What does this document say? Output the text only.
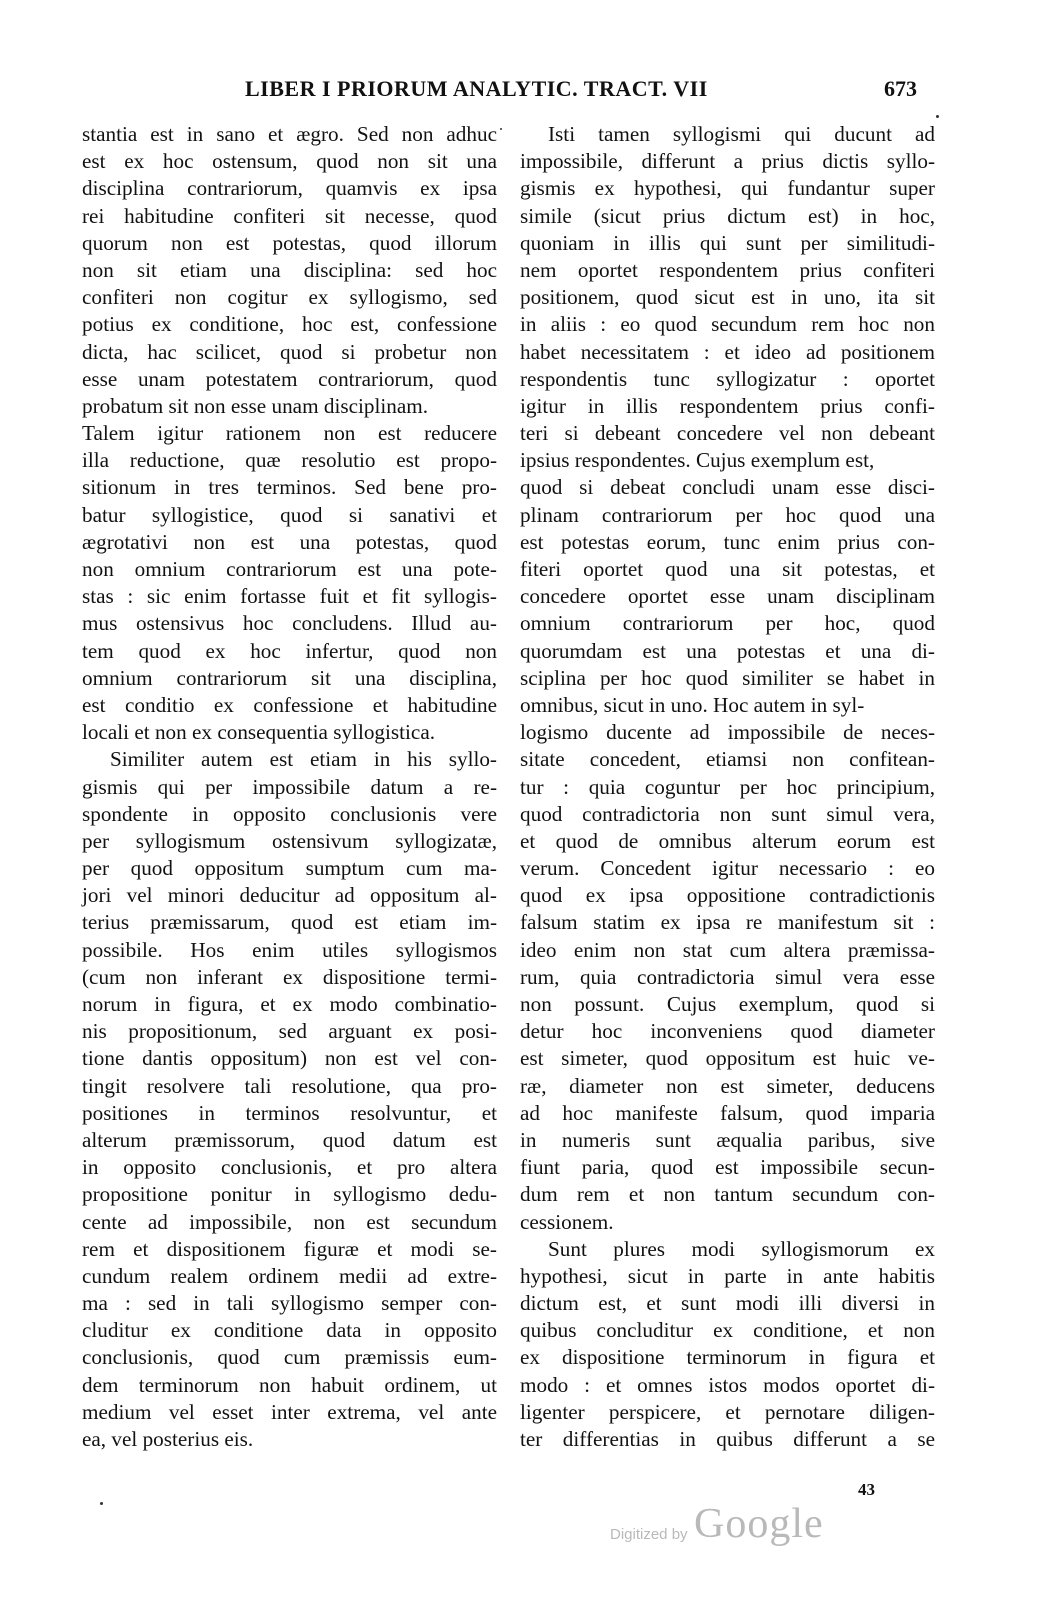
LIBER I PRIORUM ANALYTIC. TRACT. VII	673
stantia est in sano et ægro. Sed non adhuc
est ex hoc ostensum, quod non sit una
disciplina contrariorum, quamvis ex ipsa
rei habitudine confiteri sit necesse, quod
quorum non est potestas, quod illorum
non sit etiam una disciplina: sed hoc
confiteri non cogitur ex syllogismo, sed
potius ex conditione, hoc est, confessione
dicta, hac scilicet, quod si probetur non
esse unam potestatem contrariorum, quod
probatum sit non esse unam disciplinam.
Talem igitur rationem non est reducere
illa reductione, quæ resolutio est propo-
sitionum in tres terminos. Sed bene pro-
batur syllogistice, quod si sanativi et
ægrotativi non est una potestas, quod
non omnium contrariorum est una pote-
stas : sic enim fortasse fuit et fit syllogis-
mus ostensivus hoc concludens. Illud au-
tem quod ex hoc infertur, quod non
omnium contrariorum sit una disciplina,
est conditio ex confessione et habitudine
locali et non ex consequentia syllogistica.
Similiter autem est etiam in his syllo-
gismis qui per impossibile datum a re-
spondente in opposito conclusionis vere
per syllogismum ostensivum syllogizatæ,
per quod oppositum sumptum cum ma-
jori vel minori deducitur ad oppositum al-
terius præmissarum, quod est etiam im-
possibile. Hos enim utiles syllogismos
(cum non inferant ex dispositione termi-
norum in figura, et ex modo combinatio-
nis propositionum, sed arguant ex posi-
tione dantis oppositum) non est vel con-
tingit resolvere tali resolutione, qua pro-
positiones in terminos resolvuntur, et
alterum præmissorum, quod datum est
in opposito conclusionis, et pro altera
propositione ponitur in syllogismo dedu-
cente ad impossibile, non est secundum
rem et dispositionem figuræ et modi se-
cundum realem ordinem medii ad extre-
ma : sed in tali syllogismo semper con-
cluditur ex conditione data in opposito
conclusionis, quod cum præmissis eum-
dem terminorum non habuit ordinem, ut
medium vel esset inter extrema, vel ante
ea, vel posterius eis.
Isti tamen syllogismi qui ducunt ad
impossibile, differunt a prius dictis syllo-
gismis ex hypothesi, qui fundantur super
simile (sicut prius dictum est) in hoc,
quoniam in illis qui sunt per similitudi-
nem oportet respondentem prius confiteri
positionem, quod sicut est in uno, ita sit
in aliis : eo quod secundum rem hoc non
habet necessitatem : et ideo ad positionem
respondentis tunc syllogizatur : oportet
igitur in illis respondentem prius confi-
teri si debeant concedere vel non debeant
ipsius respondentes. Cujus exemplum est,
quod si debeat concludi unam esse disci-
plinam contrariorum per hoc quod una
est potestas eorum, tunc enim prius con-
fiteri oportet quod una sit potestas, et
concedere oportet esse unam disciplinam
omnium contrariorum per hoc, quod
quorumdam est una potestas et una di-
sciplina per hoc quod similiter se habet in
omnibus, sicut in uno. Hoc autem in syl-
logismo ducente ad impossibile de neces-
sitate concedent, etiamsi non confitean-
tur : quia coguntur per hoc principium,
quod contradictoria non sunt simul vera,
et quod de omnibus alterum eorum est
verum. Concedent igitur necessario : eo
quod ex ipsa oppositione contradictionis
falsum statim ex ipsa re manifestum sit :
ideo enim non stat cum altera præmissa-
rum, quia contradictoria simul vera esse
non possunt. Cujus exemplum, quod si
detur hoc inconveniens quod diameter
est simeter, quod oppositum est huic ve-
ræ, diameter non est simeter, deducens
ad hoc manifeste falsum, quod imparia
in numeris sunt æqualia paribus, sive
fiunt paria, quod est impossibile secun-
dum rem et non tantum secundum con-
cessionem.
Sunt plures modi syllogismorum ex
hypothesi, sicut in parte in ante habitis
dictum est, et sunt modi illi diversi in
quibus concluditur ex conditione, et non
ex dispositione terminorum in figura et
modo : et omnes istos modos oportet di-
ligenter perspicere, et pernotare diligen-
ter differentias in quibus differunt a se
43
Digitized by Google
